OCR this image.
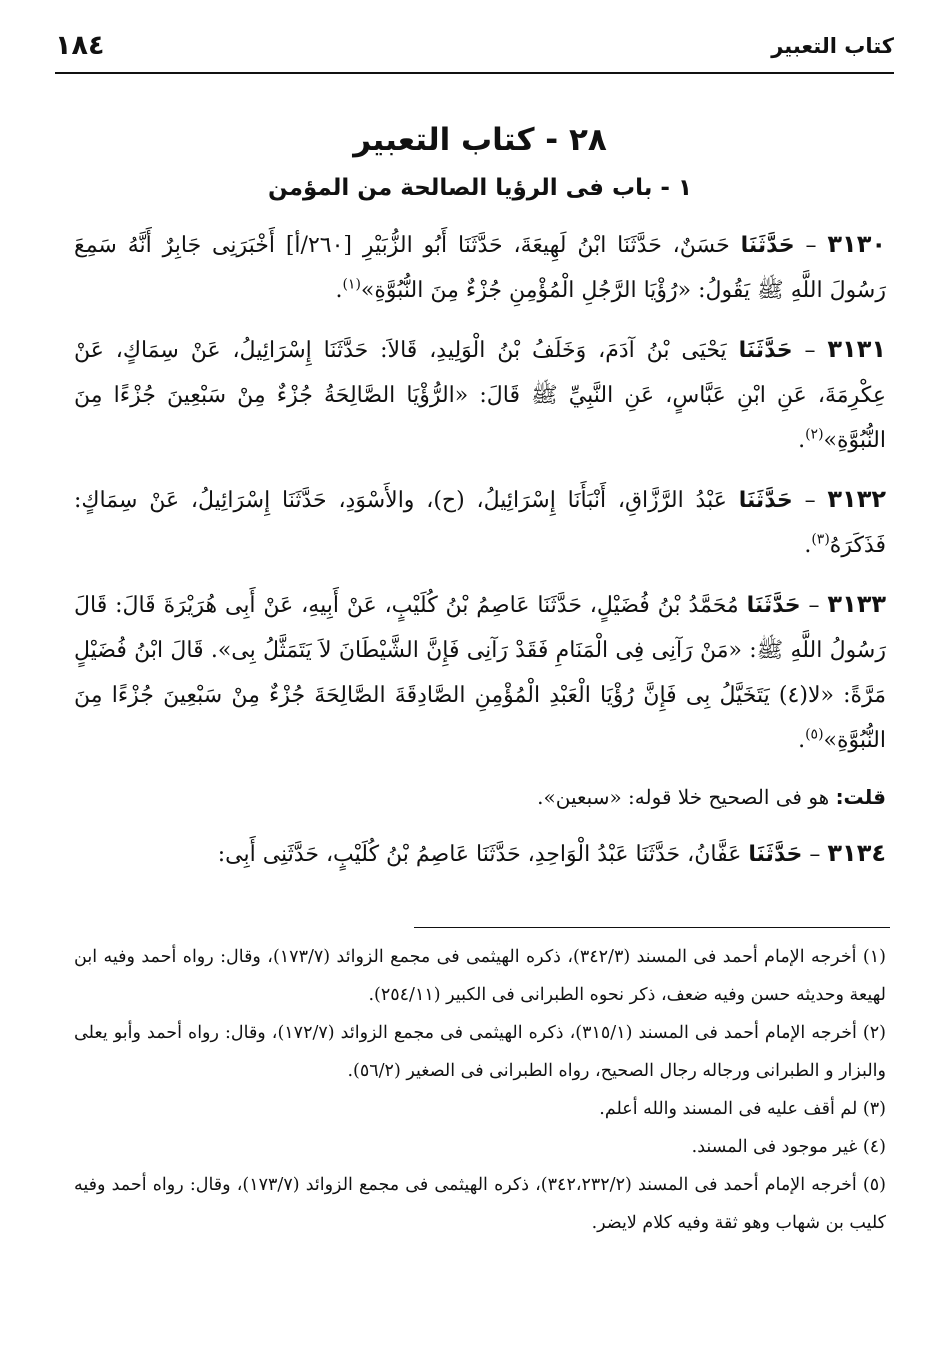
١٨٤	كتاب التعبير
٢٨ - كتاب التعبير
١ - باب فى الرؤيا الصالحة من المؤمن

٣١٣٠ – حَدَّثَنَا حَسَنٌ، حَدَّثَنَا ابْنُ لَهِيعَةَ، حَدَّثَنَا أَبُو الزُّبَيْرِ [٢٦٠/أ] أَخْبَرَنِى جَابِرٌ أَنَّهُ سَمِعَ رَسُولَ اللَّهِ ﷺ يَقُولُ: «رُؤْيَا الرَّجُلِ الْمُؤْمِنِ جُزْءٌ مِنَ النُّبُوَّةِ»$^{(١)}$.

٣١٣١ – حَدَّثَنَا يَحْيَى بْنُ آدَمَ، وَخَلَفُ بْنُ الْوَلِيدِ، قَالاَ: حَدَّثَنَا إِسْرَائِيلُ، عَنْ سِمَاكٍ، عَنْ عِكْرِمَةَ، عَنِ ابْنِ عَبَّاسٍ، عَنِ النَّبِيِّ ﷺ قَالَ: «الرُّؤْيَا الصَّالِحَةُ جُزْءٌ مِنْ سَبْعِينَ جُزْءًا مِنَ النُّبُوَّةِ»$^{(٢)}$.

٣١٣٢ – حَدَّثَنَا عَبْدُ الرَّزَّاقِ، أَنْبَأَنَا إِسْرَائِيلُ، (ح)، والأَسْوَدِ، حَدَّثَنَا إِسْرَائِيلُ، عَنْ سِمَاكٍ: فَذَكَرَهُ$^{(٣)}$.

٣١٣٣ – حَدَّثَنَا مُحَمَّدُ بْنُ فُضَيْلٍ، حَدَّثَنَا عَاصِمُ بْنُ كُلَيْبٍ، عَنْ أَبِيهِ، عَنْ أَبِى هُرَيْرَةَ قَالَ: قَالَ رَسُولُ اللَّهِ ﷺ: «مَنْ رَآنِى فِى الْمَنَامِ فَقَدْ رَآنِى فَإِنَّ الشَّيْطَانَ لاَ يَتَمَثَّلُ بِى». قَالَ ابْنُ فُضَيْلٍ مَرَّةً: «لا(٤) يَتَخَيَّلُ بِى فَإِنَّ رُؤْيَا الْعَبْدِ الْمُؤْمِنِ الصَّادِقَةَ الصَّالِحَةَ جُزْءٌ مِنْ سَبْعِينَ جُزْءًا مِنَ النُّبُوَّةِ»$^{(٥)}$.

قلت: هو فى الصحيح خلا قوله: «سبعين».

٣١٣٤ – حَدَّثَنَا عَفَّانُ، حَدَّثَنَا عَبْدُ الْوَاحِدِ، حَدَّثَنَا عَاصِمُ بْنُ كُلَيْبٍ، حَدَّثَنِى أَبِى:

(١) أخرجه الإمام أحمد فى المسند (٣٤٢/٣)، ذكره الهيثمى فى مجمع الزوائد (١٧٣/٧)، وقال: رواه أحمد وفيه ابن لهيعة وحديثه حسن وفيه ضعف، ذكر نحوه الطبرانى فى الكبير (٢٥٤/١١).

(٢) أخرجه الإمام أحمد فى المسند (٣١٥/١)، ذكره الهيثمى فى مجمع الزوائد (١٧٢/٧)، وقال: رواه أحمد وأبو يعلى والبزار و الطبرانى ورجاله رجال الصحيح، رواه الطبرانى فى الصغير (٥٦/٢).

(٣) لم أقف عليه فى المسند والله أعلم.

(٤) غير موجود فى المسند.

(٥) أخرجه الإمام أحمد فى المسند (٣٤٢،٢٣٢/٢)، ذكره الهيثمى فى مجمع الزوائد (١٧٣/٧)، وقال: رواه أحمد وفيه كليب بن شهاب وهو ثقة وفيه كلام لايضر.
